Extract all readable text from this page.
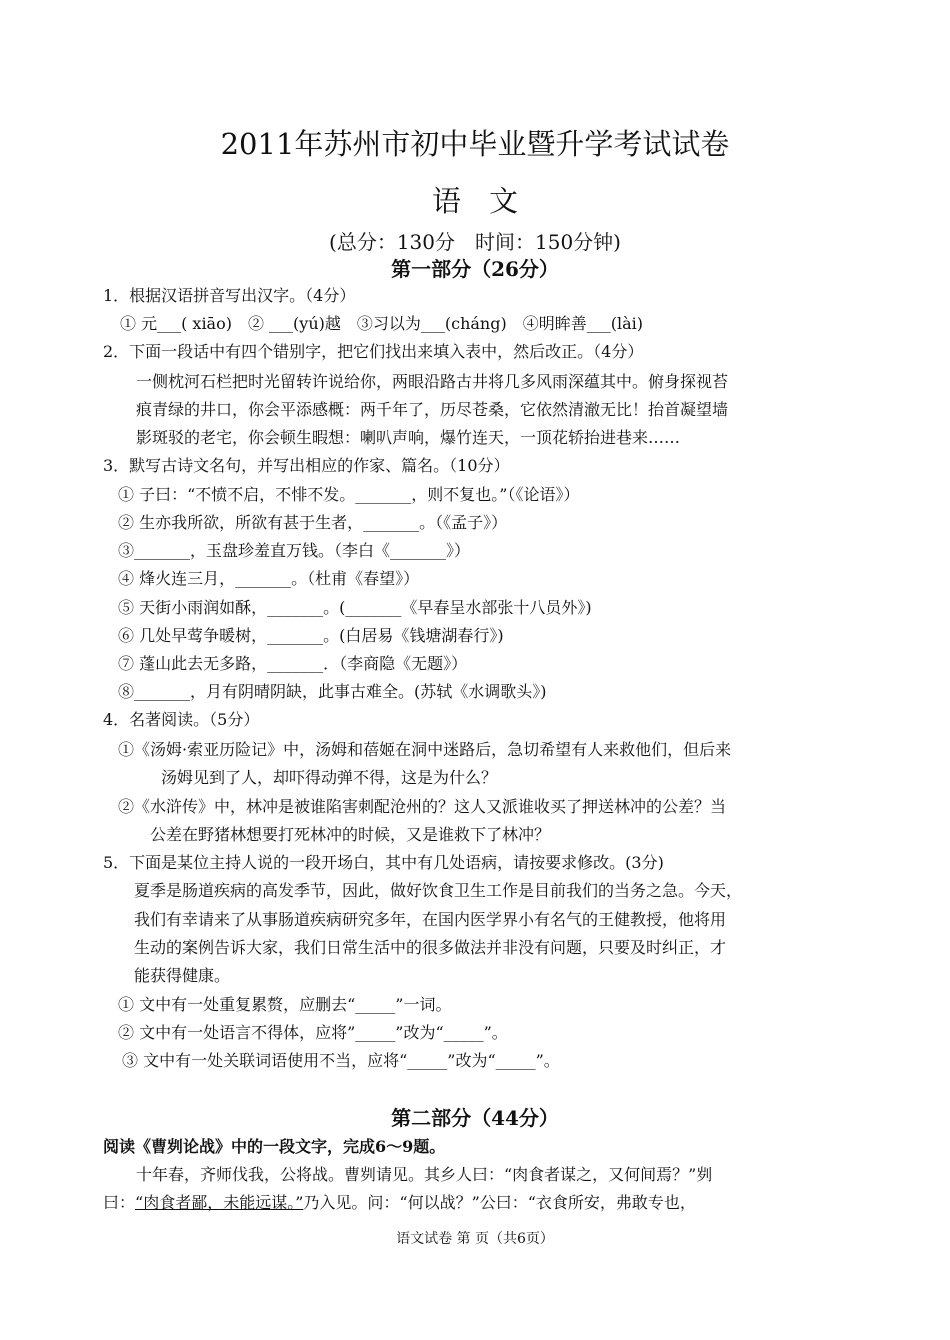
2011年苏州市初中毕业暨升学考试试卷
语文
(总分：130分　时间：150分钟)
第一部分（26分）
1．根据汉语拼音写出汉字。（4分）
① 元___( xiāo)　② ___(yú)越　③习以为___(cháng)　④明眸善___(lài)
2．下面一段话中有四个错别字，把它们找出来填入表中，然后改正。（4分）
一侧枕河石栏把时光留转许说给你，两眼沿路古井将几多风雨深蕴其中。俯身探视苔
痕青绿的井口，你会平添感概：两千年了，历尽苍桑，它依然清澈无比！抬首凝望墙
影斑驳的老宅，你会顿生暇想：喇叭声响，爆竹连天，一顶花轿抬进巷来……
3．默写古诗文名句，并写出相应的作家、篇名。（10分）
① 子曰：“不愤不启，不悱不发。_______，则不复也。”（《论语》）
② 生亦我所欲，所欲有甚于生者，_______。（《孟子》）
③_______，玉盘珍羞直万钱。（李白《_______》）
④ 烽火连三月，_______。（杜甫《春望》）
⑤ 天街小雨润如酥，_______。(_______《早春呈水部张十八员外》)
⑥ 几处早莺争暖树，_______。(白居易《钱塘湖春行》)
⑦ 蓬山此去无多路，_______．（李商隐《无题》）
⑧_______，月有阴晴阴缺，此事古难全。(苏轼《水调歌头》)
4．名著阅读。（5分）
①《汤姆·索亚历险记》中，汤姆和蓓姬在洞中迷路后，急切希望有人来救他们，但后来
汤姆见到了人，却吓得动弹不得，这是为什么？
②《水浒传》中，林冲是被谁陷害刺配沧州的？这人又派谁收买了押送林冲的公差？当
公差在野猪林想要打死林冲的时候，又是谁救下了林冲？
5．下面是某位主持人说的一段开场白，其中有几处语病，请按要求修改。(3分)
夏季是肠道疾病的高发季节，因此，做好饮食卫生工作是目前我们的当务之急。今天，
我们有幸请来了从事肠道疾病研究多年，在国内医学界小有名气的王健教授，他将用
生动的案例告诉大家，我们日常生活中的很多做法并非没有问题，只要及时纠正，才
能获得健康。
① 文中有一处重复累赘，应删去“_____”一词。
② 文中有一处语言不得体，应将”_____”改为“_____”。
③ 文中有一处关联词语使用不当，应将“_____”改为“_____”。
第二部分（44分）
阅读《曹刿论战》中的一段文字，完成6～9题。
十年春，齐师伐我，公将战。曹刿请见。其乡人曰：“肉食者谋之，又何间焉？”刿
曰：“肉食者鄙，未能远谋。”乃入见。问：“何以战？”公曰：“衣食所安，弗敢专也，
语文试卷 第 页（共6页）
